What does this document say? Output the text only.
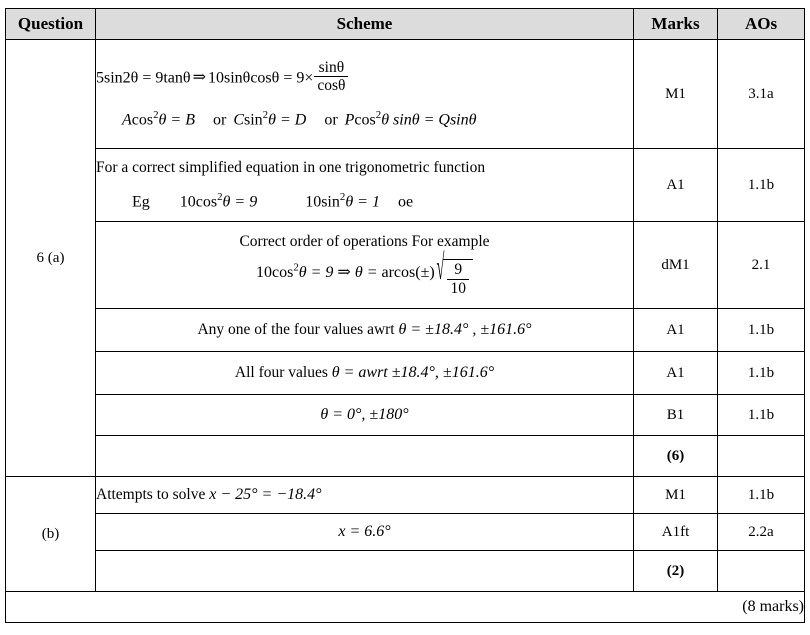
Question	Scheme	Marks	AOs
6 (a)	5sin2θ = 9tanθ ⇒ $10\sin\theta\cos\theta = 9\times \frac{\sin\theta}{\cos\theta}$
Acos$^2$θ = B or Csin$^2$θ = D or Pcos$^2$θ sinθ = Qsinθ	M1	3.1a

	For a correct simplified equation in one trigonometric function
Eg $10\cos^2\theta = 9$ $10\sin^2\theta = 1$ oe	A1	1.1b

	Correct order of operations For example
$10\cos^2\theta = 9$ ⇒ $\theta = arcos(\pm)√ \frac{9}{10}$	dM1	2.1
	Any one of the four values awrt θ = ±18.4° , ±161.6°	A1	1.1b
	All four values θ = awrt ±18.4°, ±161.6°	A1	1.1b
	θ = 0°, ±180°	B1	1.1b
		(6)	
(b)	Attempts to solve x − 25° = −18.4°	M1	1.1b
	x = 6.6°	A1ft	2.2a
		(2)	
(8 marks)			
